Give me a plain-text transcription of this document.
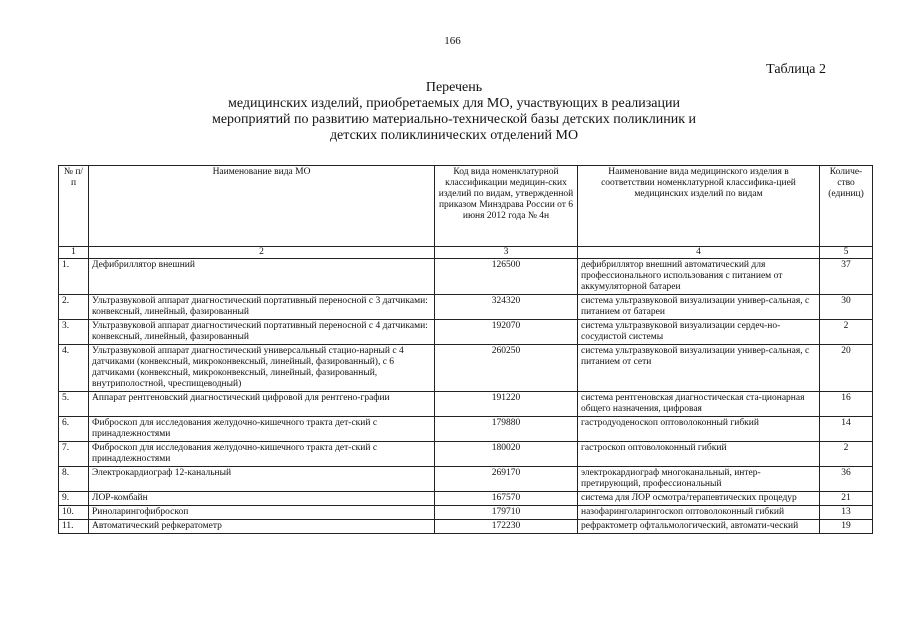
166
Таблица 2
Перечень
медицинских изделий, приобретаемых для МО, участвующих в реализации
мероприятий по развитию материально-технической базы детских поликлиник и
детских поликлинических отделений МО
№ п/п	Наименование вида МО	Код вида номенклатурной классификации медицин-ских изделий по видам, утвержденной приказом Минздрава России от 6 июня 2012 года № 4н	Наименование вида медицинского изделия в соответствии номенклатурной классифика-цией медицинских изделий по видам	Количе-ство (единиц)
1	2	3	4	5
1.	Дефибриллятор внешний	126500	дефибриллятор внешний автоматический для профессионального использования с питанием от аккумуляторной батареи	37
2.	Ультразвуковой аппарат диагностический портативный переносной с 3 датчиками: конвексный, линейный, фазированный	324320	система ультразвуковой визуализации универ-сальная, с питанием от батареи	30
3.	Ультразвуковой аппарат диагностический портативный переносной с 4 датчиками: конвексный, линейный, фазированный	192070	система ультразвуковой визуализации сердеч-но-сосудистой системы	2
4.	Ультразвуковой аппарат диагностический универсальный стацио-нарный с 4 датчиками (конвексный, микроконвексный, линейный, фазированный), с 6 датчиками (конвексный, микроконвексный, линейный, фазированный, внутриполостной, чреспищеводный)	260250	система ультразвуковой визуализации универ-сальная, с питанием от сети	20
5.	Аппарат рентгеновский диагностический цифровой для рентгено-графии	191220	система рентгеновская диагностическая ста-ционарная общего назначения, цифровая	16
6.	Фиброскоп для исследования желудочно-кишечного тракта дет-ский с принадлежностями	179880	гастродуоденоскоп оптоволоконный гибкий	14
7.	Фиброскоп для исследования желудочно-кишечного тракта дет-ский с принадлежностями	180020	гастроскоп оптоволоконный гибкий	2
8.	Электрокардиограф 12-канальный	269170	электрокардиограф многоканальный, интер-претирующий, профессиональный	36
9.	ЛОР-комбайн	167570	система для ЛОР осмотра/терапевтических процедур	21
10.	Риноларингофиброскоп	179710	назофаринголарингоскоп оптоволоконный гибкий	13
11.	Автоматический рефкератометр	172230	рефрактометр офтальмологический, автомати-ческий	19
